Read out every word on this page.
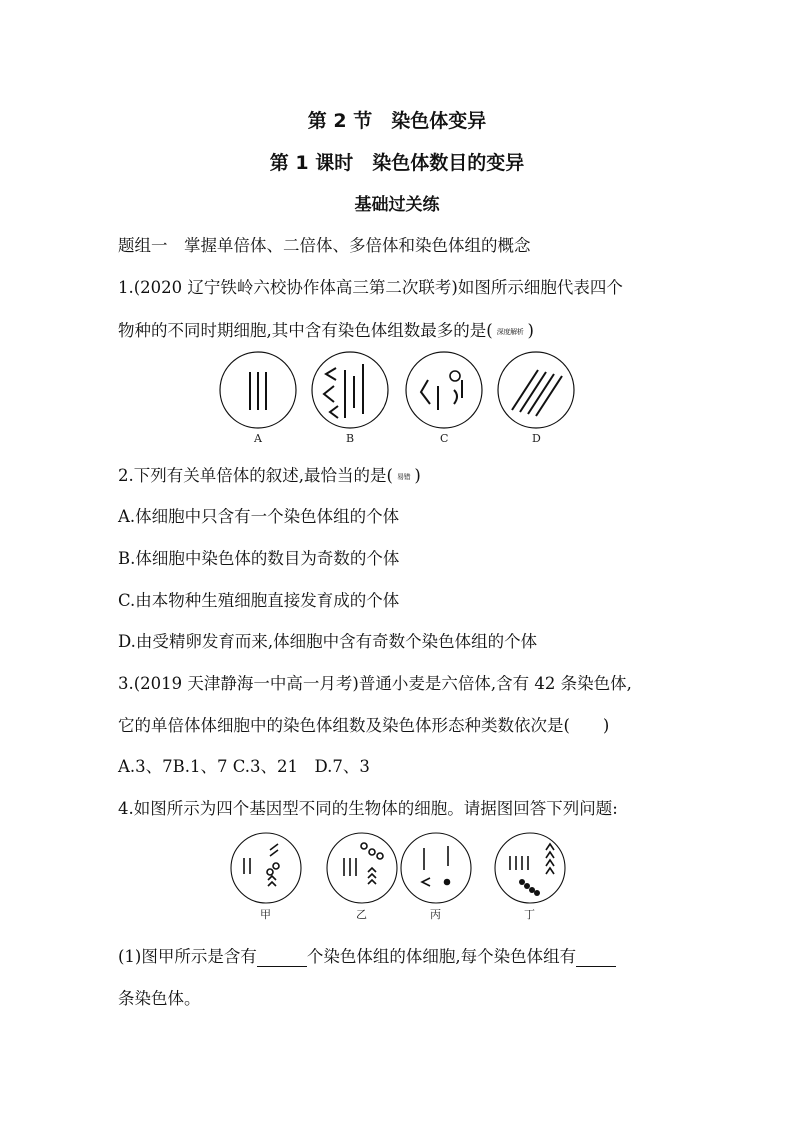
第 2 节　染色体变异
第 1 课时　染色体数目的变异
基础过关练
题组一　掌握单倍体、二倍体、多倍体和染色体组的概念
1.(2020 辽宁铁岭六校协作体高三第二次联考)如图所示细胞代表四个
物种的不同时期细胞,其中含有染色体组数最多的是( 深度解析 )
A	B	C	D
2.下列有关单倍体的叙述,最恰当的是( 易错 )
A.体细胞中只含有一个染色体组的个体
B.体细胞中染色体的数目为奇数的个体
C.由本物种生殖细胞直接发育成的个体
D.由受精卵发育而来,体细胞中含有奇数个染色体组的个体
3.(2019 天津静海一中高一月考)普通小麦是六倍体,含有 42 条染色体,
它的单倍体体细胞中的染色体组数及染色体形态种类数依次是(　　)
A.3、7B.1、7 C.3、21　D.7、3
4.如图所示为四个基因型不同的生物体的细胞。请据图回答下列问题:
甲	乙	丙	丁
(1)图甲所示是含有	个染色体组的体细胞,每个染色体组有
条染色体。
